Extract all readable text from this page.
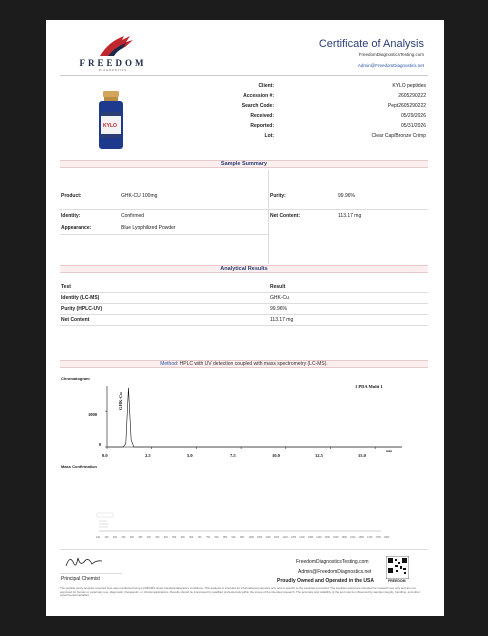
FREEDOM
DIAGNOSTICS
Certificate of Analysis
FreedomDiagnosticsTesting.com
Admin@FreedomDiagnostics.net
KYLO
Client:	KYLO peptides
Accession #:	2605290222
Search Code:	Pept2605290222
Received:	05/29/2026
Reported:	05/31/2026
Lot:	Clear Cap/Bronze Crimp
Sample Summary
Product:	GHK-CU 100mg	Purity:	99.96%
Identity:	Confirmed	Net Content:	113.17 mg
Appearance:	Blue Lyophilized Powder
Analytical Results
Test	Result
Identity (LC-MS)	GHK-Cu
Purity (HPLC-UV)	99.96%
Net Content	113.17 mg
Method: HPLC with UV detection coupled with mass spectrometry (LC-MS).
Chromatogram
GHK-Cu
1 PDA Multi 1
1000
0
0.0	2.5	5.0	7.5	10.0	12.5	15.0
min
Mass Confirmation
100 150 200 250 300 350 400 450 500 550 600 650 700 750 800 850 900 950 1000 1050 1100 1150 1200 1250 1300 1350 1400 1450 1500 1550 1600 1650 1700 1750 1800
Principal Chemist
FreedomDiagnosticsTesting.com
Admin@FreedomDiagnostics.net
Proudly Owned and Operated in the USA	FREEDOM
The peptide purity analysis reported here was conducted using LC/MS/MS under standard laboratory conditions. This analysis is intended for informational purposes only and is specific to the sample(s) provided. The peptides tested are intended for research use only and are not approved for human or veterinary use, diagnostic, therapeutic, or clinical applications. Results should be interpreted by qualified professionals within the scope of the intended research. The accuracy and reliability of the test may be influenced by sample integrity, handling, and other experimental variables.
